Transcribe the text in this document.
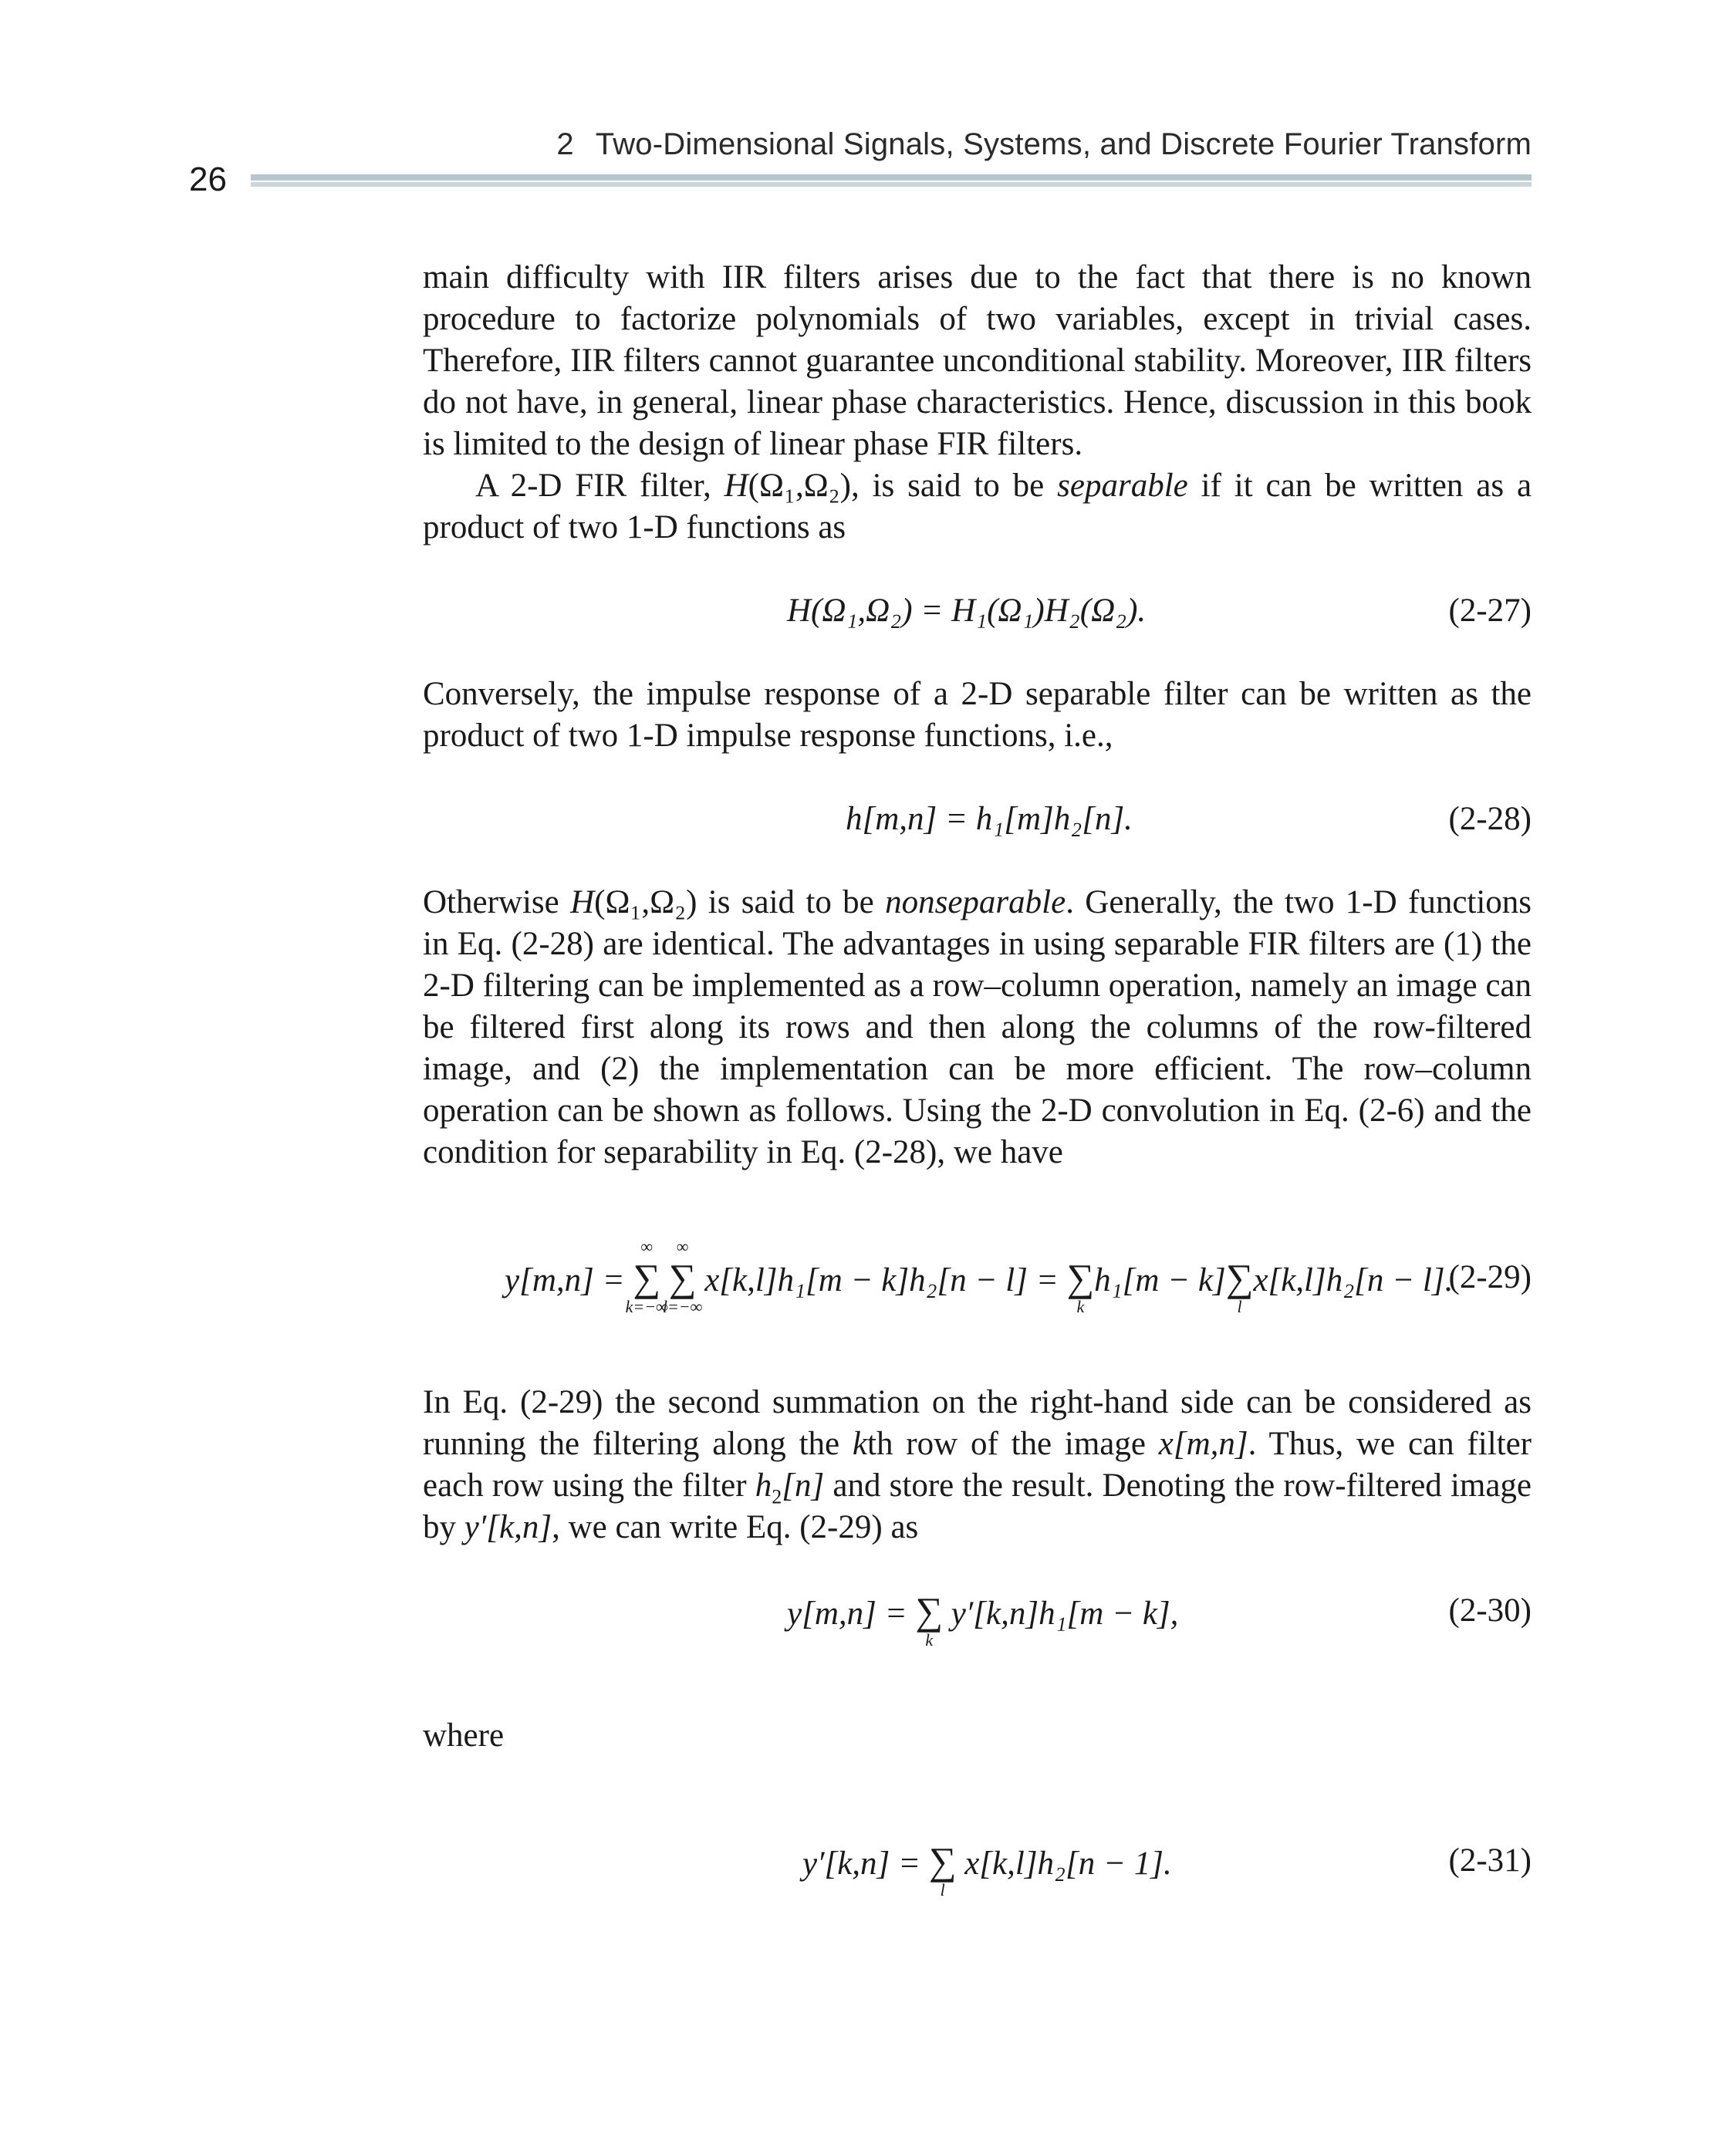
2 Two-Dimensional Signals, Systems, and Discrete Fourier Transform
26

main difficulty with IIR filters arises due to the fact that there is no known procedure to factorize polynomials of two variables, except in trivial cases. Therefore, IIR filters cannot guarantee unconditional stability. Moreover, IIR filters do not have, in general, linear phase characteristics. Hence, discussion in this book is limited to the design of linear phase FIR filters.

A 2-D FIR filter, H(Ω₁,Ω₂), is said to be separable if it can be written as a product of two 1-D functions as

H(Ω₁,Ω₂) = H₁(Ω₁)H₂(Ω₂).	(2-27)

Conversely, the impulse response of a 2-D separable filter can be written as the product of two 1-D impulse response functions, i.e.,

h[m,n] = h₁[m]h₂[n].	(2-28)

Otherwise H(Ω₁,Ω₂) is said to be nonseparable. Generally, the two 1-D functions in Eq. (2-28) are identical. The advantages in using separable FIR filters are (1) the 2-D filtering can be implemented as a row–column operation, namely an image can be filtered first along its rows and then along the columns of the row-filtered image, and (2) the implementation can be more efficient. The row–column operation can be shown as follows. Using the 2-D convolution in Eq. (2-6) and the condition for separability in Eq. (2-28), we have

y[m,n] =
∞
∑
k=−∞

∞
∑
l=−∞
x[k,l]h₁[m − k]h₂[n − l] = ∑
k
h₁[m − k]∑
l
x[k,l]h₂[n − l].
(2-29)

In Eq. (2-29) the second summation on the right-hand side can be considered as running the filtering along the kth row of the image x[m,n]. Thus, we can filter each row using the filter $h_2[n]$ and store the result. Denoting the row-filtered image by y′[k,n], we can write Eq. (2-29) as

y[m,n] = ∑
k
y′[k,n]h₁[m − k],	(2-30)

where

y′[k,n] = ∑
l
x[k,l]h₂[n − 1].	(2-31)
